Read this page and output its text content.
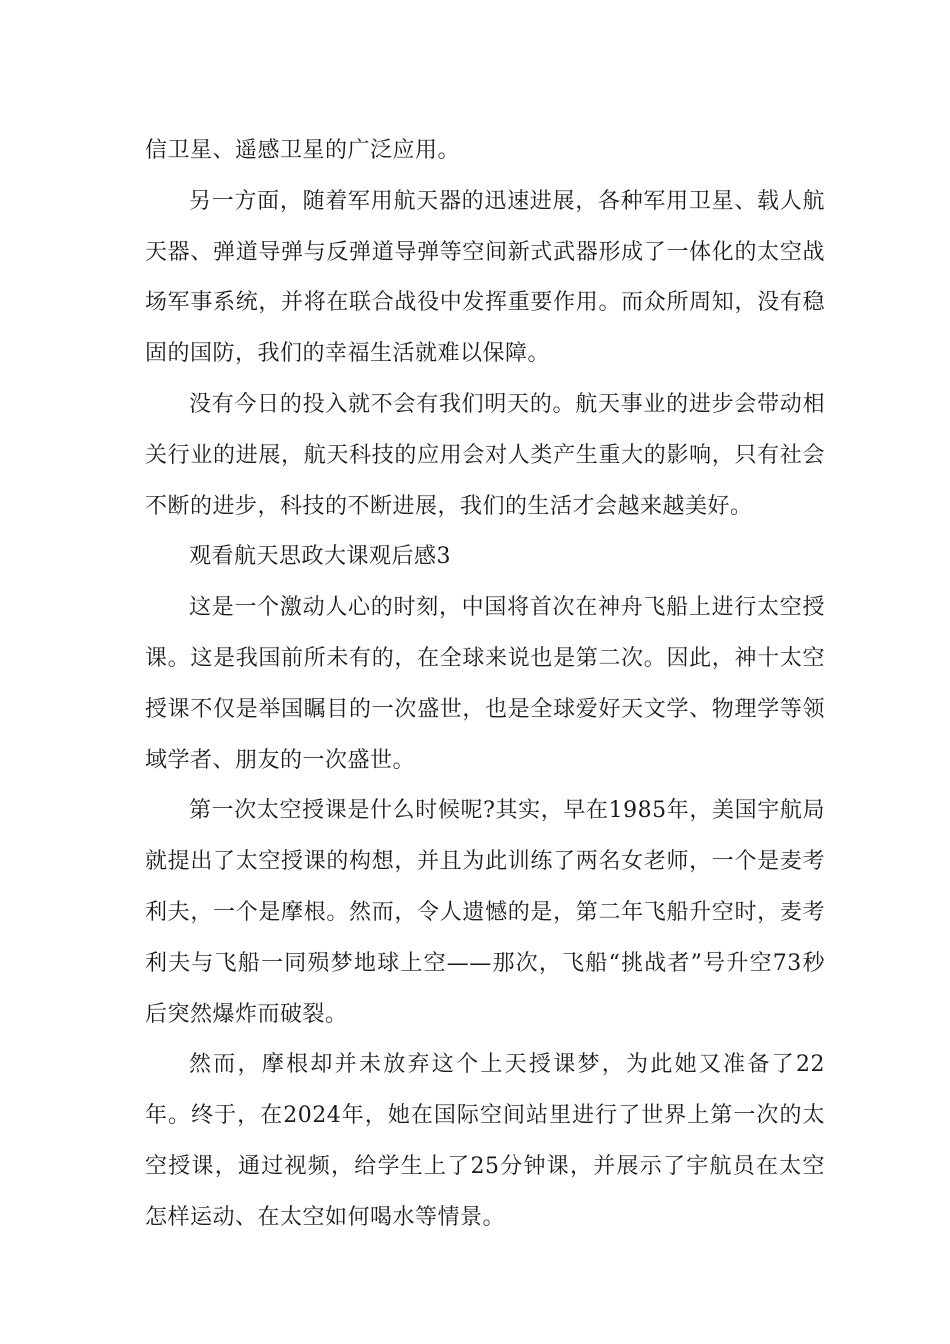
信卫星、遥感卫星的广泛应用。

另一方面，随着军用航天器的迅速进展，各种军用卫星、载人航天器、弹道导弹与反弹道导弹等空间新式武器形成了一体化的太空战场军事系统，并将在联合战役中发挥重要作用。而众所周知，没有稳固的国防，我们的幸福生活就难以保障。

没有今日的投入就不会有我们明天的。航天事业的进步会带动相关行业的进展，航天科技的应用会对人类产生重大的影响，只有社会不断的进步，科技的不断进展，我们的生活才会越来越美好。

观看航天思政大课观后感3

这是一个激动人心的时刻，中国将首次在神舟飞船上进行太空授课。这是我国前所未有的，在全球来说也是第二次。因此，神十太空授课不仅是举国瞩目的一次盛世，也是全球爱好天文学、物理学等领域学者、朋友的一次盛世。

第一次太空授课是什么时候呢?其实，早在1985年，美国宇航局就提出了太空授课的构想，并且为此训练了两名女老师，一个是麦考利夫，一个是摩根。然而，令人遗憾的是，第二年飞船升空时，麦考利夫与飞船一同殒梦地球上空——那次，飞船“挑战者”号升空73秒后突然爆炸而破裂。

然而，摩根却并未放弃这个上天授课梦，为此她又准备了22年。终于，在2024年，她在国际空间站里进行了世界上第一次的太空授课，通过视频，给学生上了25分钟课，并展示了宇航员在太空怎样运动、在太空如何喝水等情景。
